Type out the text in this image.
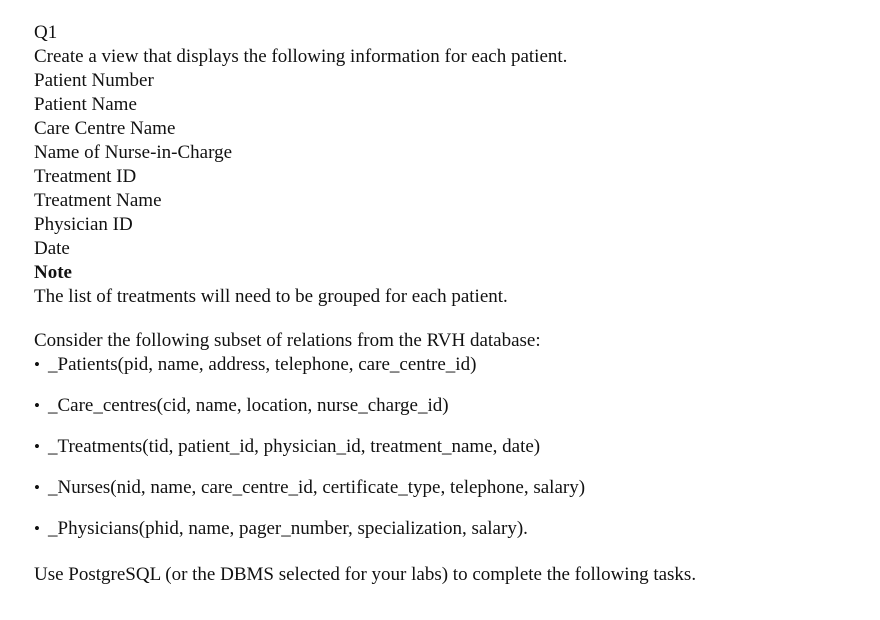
Q1
Create a view that displays the following information for each patient.
Patient Number
Patient Name
Care Centre Name
Name of Nurse-in-Charge
Treatment ID
Treatment Name
Physician ID
Date
Note
The list of treatments will need to be grouped for each patient.
Consider the following subset of relations from the RVH database:
• _Patients(pid, name, address, telephone, care_centre_id)
• _Care_centres(cid, name, location, nurse_charge_id)
• _Treatments(tid, patient_id, physician_id, treatment_name, date)
• _Nurses(nid, name, care_centre_id, certificate_type, telephone, salary)
• _Physicians(phid, name, pager_number, specialization, salary).
Use PostgreSQL (or the DBMS selected for your labs) to complete the following tasks.
